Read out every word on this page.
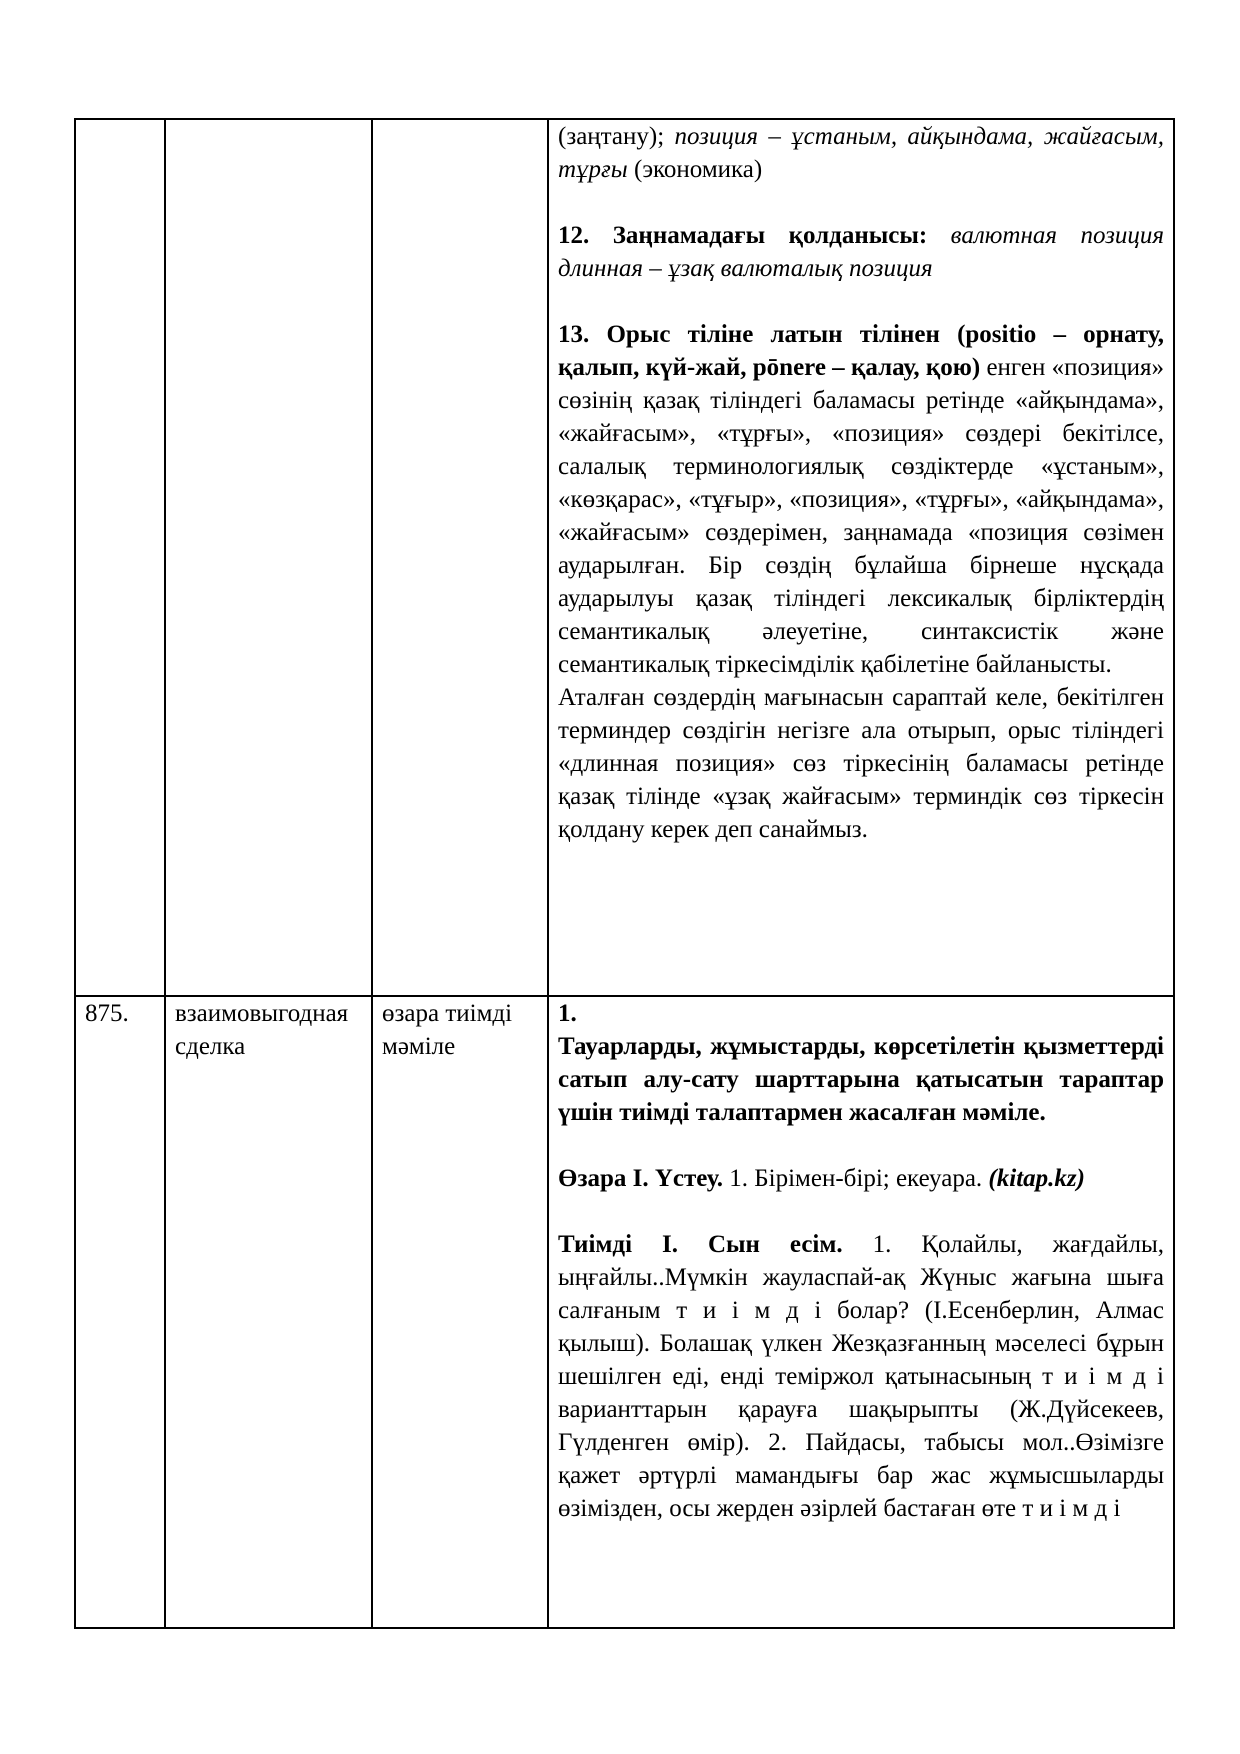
			(заңтану); позиция – ұстаным, айқындама, жайғасым, тұрғы (экономика)

12. Заңнамадағы қолданысы: валютная позиция длинная – ұзақ валюталық позиция

13. Орыс тіліне латын тілінен (positio – орнату, қалып, күй-жай, pōnere – қалау, қою) енген «позиция» сөзінің қазақ тіліндегі баламасы ретінде «айқындама», «жайғасым», «тұрғы», «позиция» сөздері бекітілсе, салалық терминологиялық сөздіктерде «ұстаным», «көзқарас», «тұғыр», «позиция», «тұрғы», «айқындама», «жайғасым» сөздерімен, заңнамада «позиция сөзімен аударылған. Бір сөздің бұлайша бірнеше нұсқада аударылуы қазақ тіліндегі лексикалық бірліктердің семантикалық әлеуетіне, синтаксистік және семантикалық тіркесімділік қабілетіне байланысты.

Аталған сөздердің мағынасын сараптай келе, бекітілген терминдер сөздігін негізге ала отырып, орыс тіліндегі «длинная позиция» сөз тіркесінің баламасы ретінде қазақ тілінде «ұзақ жайғасым» терминдік сөз тіркесін қолдану керек деп санаймыз.

875.	взаимовыгодная сделка	өзара тиімді мәміле	1.

Тауарларды, жұмыстарды, көрсетілетін қызметтерді сатып алу-сату шарттарына қатысатын тараптар үшін тиімді талаптармен жасалған мәміле.

Өзара І. Үстеу. 1. Бірімен-бірі; екеуара. (kitap.kz)

Тиімді І. Сын есім. 1. Қолайлы, жағдайлы, ыңғайлы..Мүмкін жауласпай-ақ Жүныс жағына шыға салғаным т и і м д і болар? (І.Есенберлин, Алмас қылыш). Болашақ үлкен Жезқазғанның мәселесі бұрын шешілген еді, енді теміржол қатынасының т и і м д і варианттарын қарауға шақырыпты (Ж.Дүйсекеев, Гүлденген өмір). 2. Пайдасы, табысы мол..Өзімізге қажет әртүрлі мамандығы бар жас жұмысшыларды өзімізден, осы жерден әзірлей бастаған өте т и і м д і
